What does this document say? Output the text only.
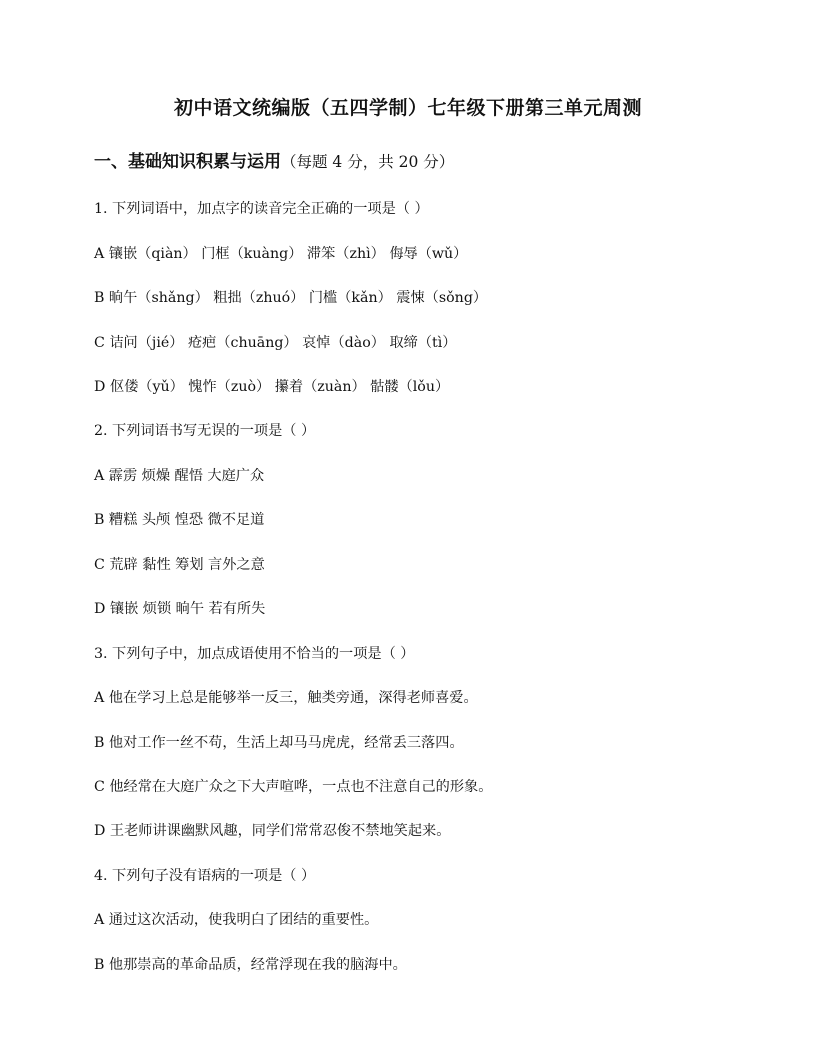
初中语文统编版（五四学制）七年级下册第三单元周测
一、基础知识积累与运用（每题 4 分，共 20 分）
1. 下列词语中，加点字的读音完全正确的一项是（ ）
A 镶嵌（qiàn） 门框（kuàng） 滞笨（zhì） 侮辱（wǔ）
B 晌午（shǎng） 粗拙（zhuó） 门槛（kǎn） 震悚（sǒng）
C 诘问（jié） 疮疤（chuāng） 哀悼（dào） 取缔（tì）
D 伛偻（yǔ） 愧怍（zuò） 攥着（zuàn） 骷髅（lǒu）
2. 下列词语书写无误的一项是（ ）
A 霹雳 烦燥 醒悟 大庭广众
B 糟糕 头颅 惶恐 微不足道
C 荒辟 黏性 筹划 言外之意
D 镶嵌 烦锁 晌午 若有所失
3. 下列句子中，加点成语使用不恰当的一项是（ ）
A 他在学习上总是能够举一反三，触类旁通，深得老师喜爱。
B 他对工作一丝不苟，生活上却马马虎虎，经常丢三落四。
C 他经常在大庭广众之下大声喧哗，一点也不注意自己的形象。
D 王老师讲课幽默风趣，同学们常常忍俊不禁地笑起来。
4. 下列句子没有语病的一项是（ ）
A 通过这次活动，使我明白了团结的重要性。
B 他那崇高的革命品质，经常浮现在我的脑海中。
